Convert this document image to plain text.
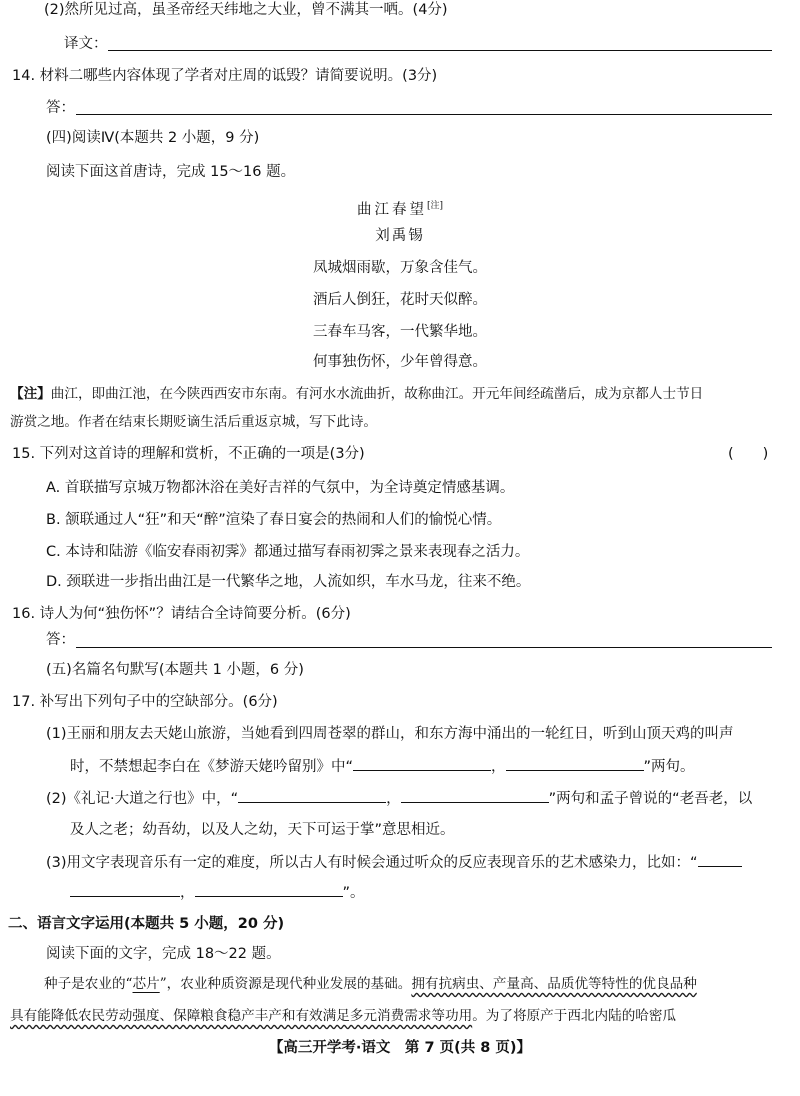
(2)然所见过高，虽圣帝经天纬地之大业，曾不满其一哂。(4分)
译文：
14. 材料二哪些内容体现了学者对庄周的诋毁？请简要说明。(3分)
答：
(四)阅读Ⅳ(本题共 2 小题，9 分)
阅读下面这首唐诗，完成 15～16 题。
曲江春望[注]
刘禹锡
凤城烟雨歇，万象含佳气。
酒后人倒狂，花时天似醉。
三春车马客，一代繁华地。
何事独伤怀，少年曾得意。
【注】曲江，即曲江池，在今陕西西安市东南。有河水水流曲折，故称曲江。开元年间经疏凿后，成为京都人士节日
游赏之地。作者在结束长期贬谪生活后重返京城，写下此诗。
15. 下列对这首诗的理解和赏析，不正确的一项是(3分)	(　　)
A. 首联描写京城万物都沐浴在美好吉祥的气氛中，为全诗奠定情感基调。
B. 颔联通过人“狂”和天“醉”渲染了春日宴会的热闹和人们的愉悦心情。
C. 本诗和陆游《临安春雨初霁》都通过描写春雨初霁之景来表现春之活力。
D. 颈联进一步指出曲江是一代繁华之地，人流如织，车水马龙，往来不绝。
16. 诗人为何“独伤怀”？请结合全诗简要分析。(6分)
答：
(五)名篇名句默写(本题共 1 小题，6 分)
17. 补写出下列句子中的空缺部分。(6分)
(1)王丽和朋友去天姥山旅游，当她看到四周苍翠的群山，和东方海中涌出的一轮红日，听到山顶天鸡的叫声
时，不禁想起李白在《梦游天姥吟留别》中“	，	”两句。
(2)《礼记·大道之行也》中，“	，	”两句和孟子曾说的“老吾老，以
及人之老；幼吾幼，以及人之幼，天下可运于掌”意思相近。
(3)用文字表现音乐有一定的难度，所以古人有时候会通过听众的反应表现音乐的艺术感染力，比如：“
，	”。
二、语言文字运用(本题共 5 小题，20 分)
阅读下面的文字，完成 18～22 题。
种子是农业的“芯片”，农业种质资源是现代种业发展的基础。拥有抗病虫、产量高、品质优等特性的优良品种
具有能降低农民劳动强度、保障粮食稳产丰产和有效满足多元消费需求等功用。为了将原产于西北内陆的哈密瓜
【高三开学考·语文　第 7 页(共 8 页)】
